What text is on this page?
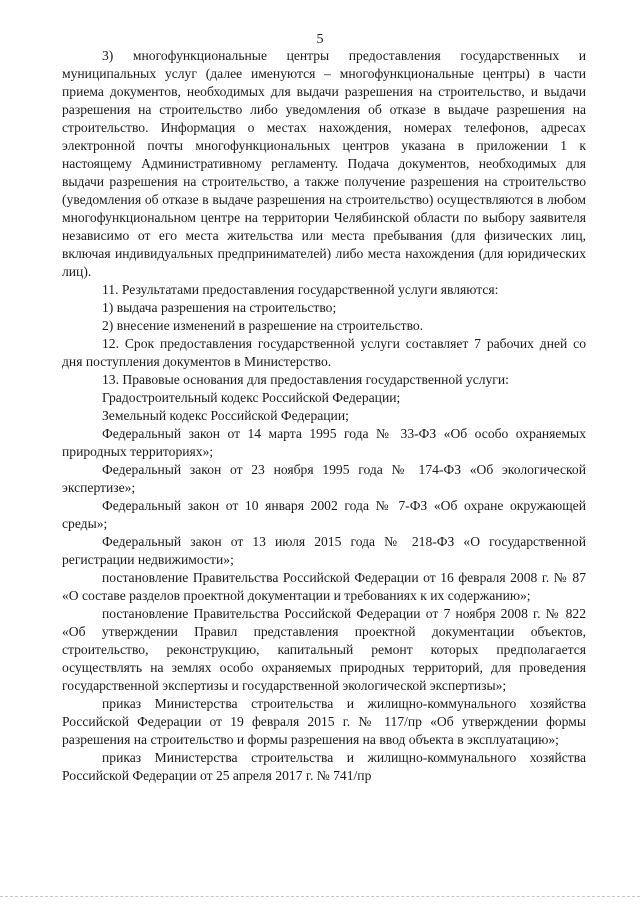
5

3) многофункциональные центры предоставления государственных и муниципальных услуг (далее именуются – многофункциональные центры) в части приема документов, необходимых для выдачи разрешения на строительство, и выдачи разрешения на строительство либо уведомления об отказе в выдаче разрешения на строительство. Информация о местах нахождения, номерах телефонов, адресах электронной почты многофункциональных центров указана в приложении 1 к настоящему Административному регламенту. Подача документов, необходимых для выдачи разрешения на строительство, а также получение разрешения на строительство (уведомления об отказе в выдаче разрешения на строительство) осуществляются в любом многофункциональном центре на территории Челябинской области по выбору заявителя независимо от его места жительства или места пребывания (для физических лиц, включая индивидуальных предпринимателей) либо места нахождения (для юридических лиц).

11. Результатами предоставления государственной услуги являются:

1) выдача разрешения на строительство;

2) внесение изменений в разрешение на строительство.

12. Срок предоставления государственной услуги составляет 7 рабочих дней со дня поступления документов в Министерство.

13. Правовые основания для предоставления государственной услуги:

Градостроительный кодекс Российской Федерации;

Земельный кодекс Российской Федерации;

Федеральный закон от 14 марта 1995 года № 33-ФЗ «Об особо охраняемых природных территориях»;

Федеральный закон от 23 ноября 1995 года № 174-ФЗ «Об экологической экспертизе»;

Федеральный закон от 10 января 2002 года № 7-ФЗ «Об охране окружающей среды»;

Федеральный закон от 13 июля 2015 года № 218-ФЗ «О государственной регистрации недвижимости»;

постановление Правительства Российской Федерации от 16 февраля 2008 г. № 87 «О составе разделов проектной документации и требованиях к их содержанию»;

постановление Правительства Российской Федерации от 7 ноября 2008 г. № 822 «Об утверждении Правил представления проектной документации объектов, строительство, реконструкцию, капитальный ремонт которых предполагается осуществлять на землях особо охраняемых природных территорий, для проведения государственной экспертизы и государственной экологической экспертизы»;

приказ Министерства строительства и жилищно-коммунального хозяйства Российской Федерации от 19 февраля 2015 г. № 117/пр «Об утверждении формы разрешения на строительство и формы разрешения на ввод объекта в эксплуатацию»;

приказ Министерства строительства и жилищно-коммунального хозяйства Российской Федерации от 25 апреля 2017 г. № 741/пр
